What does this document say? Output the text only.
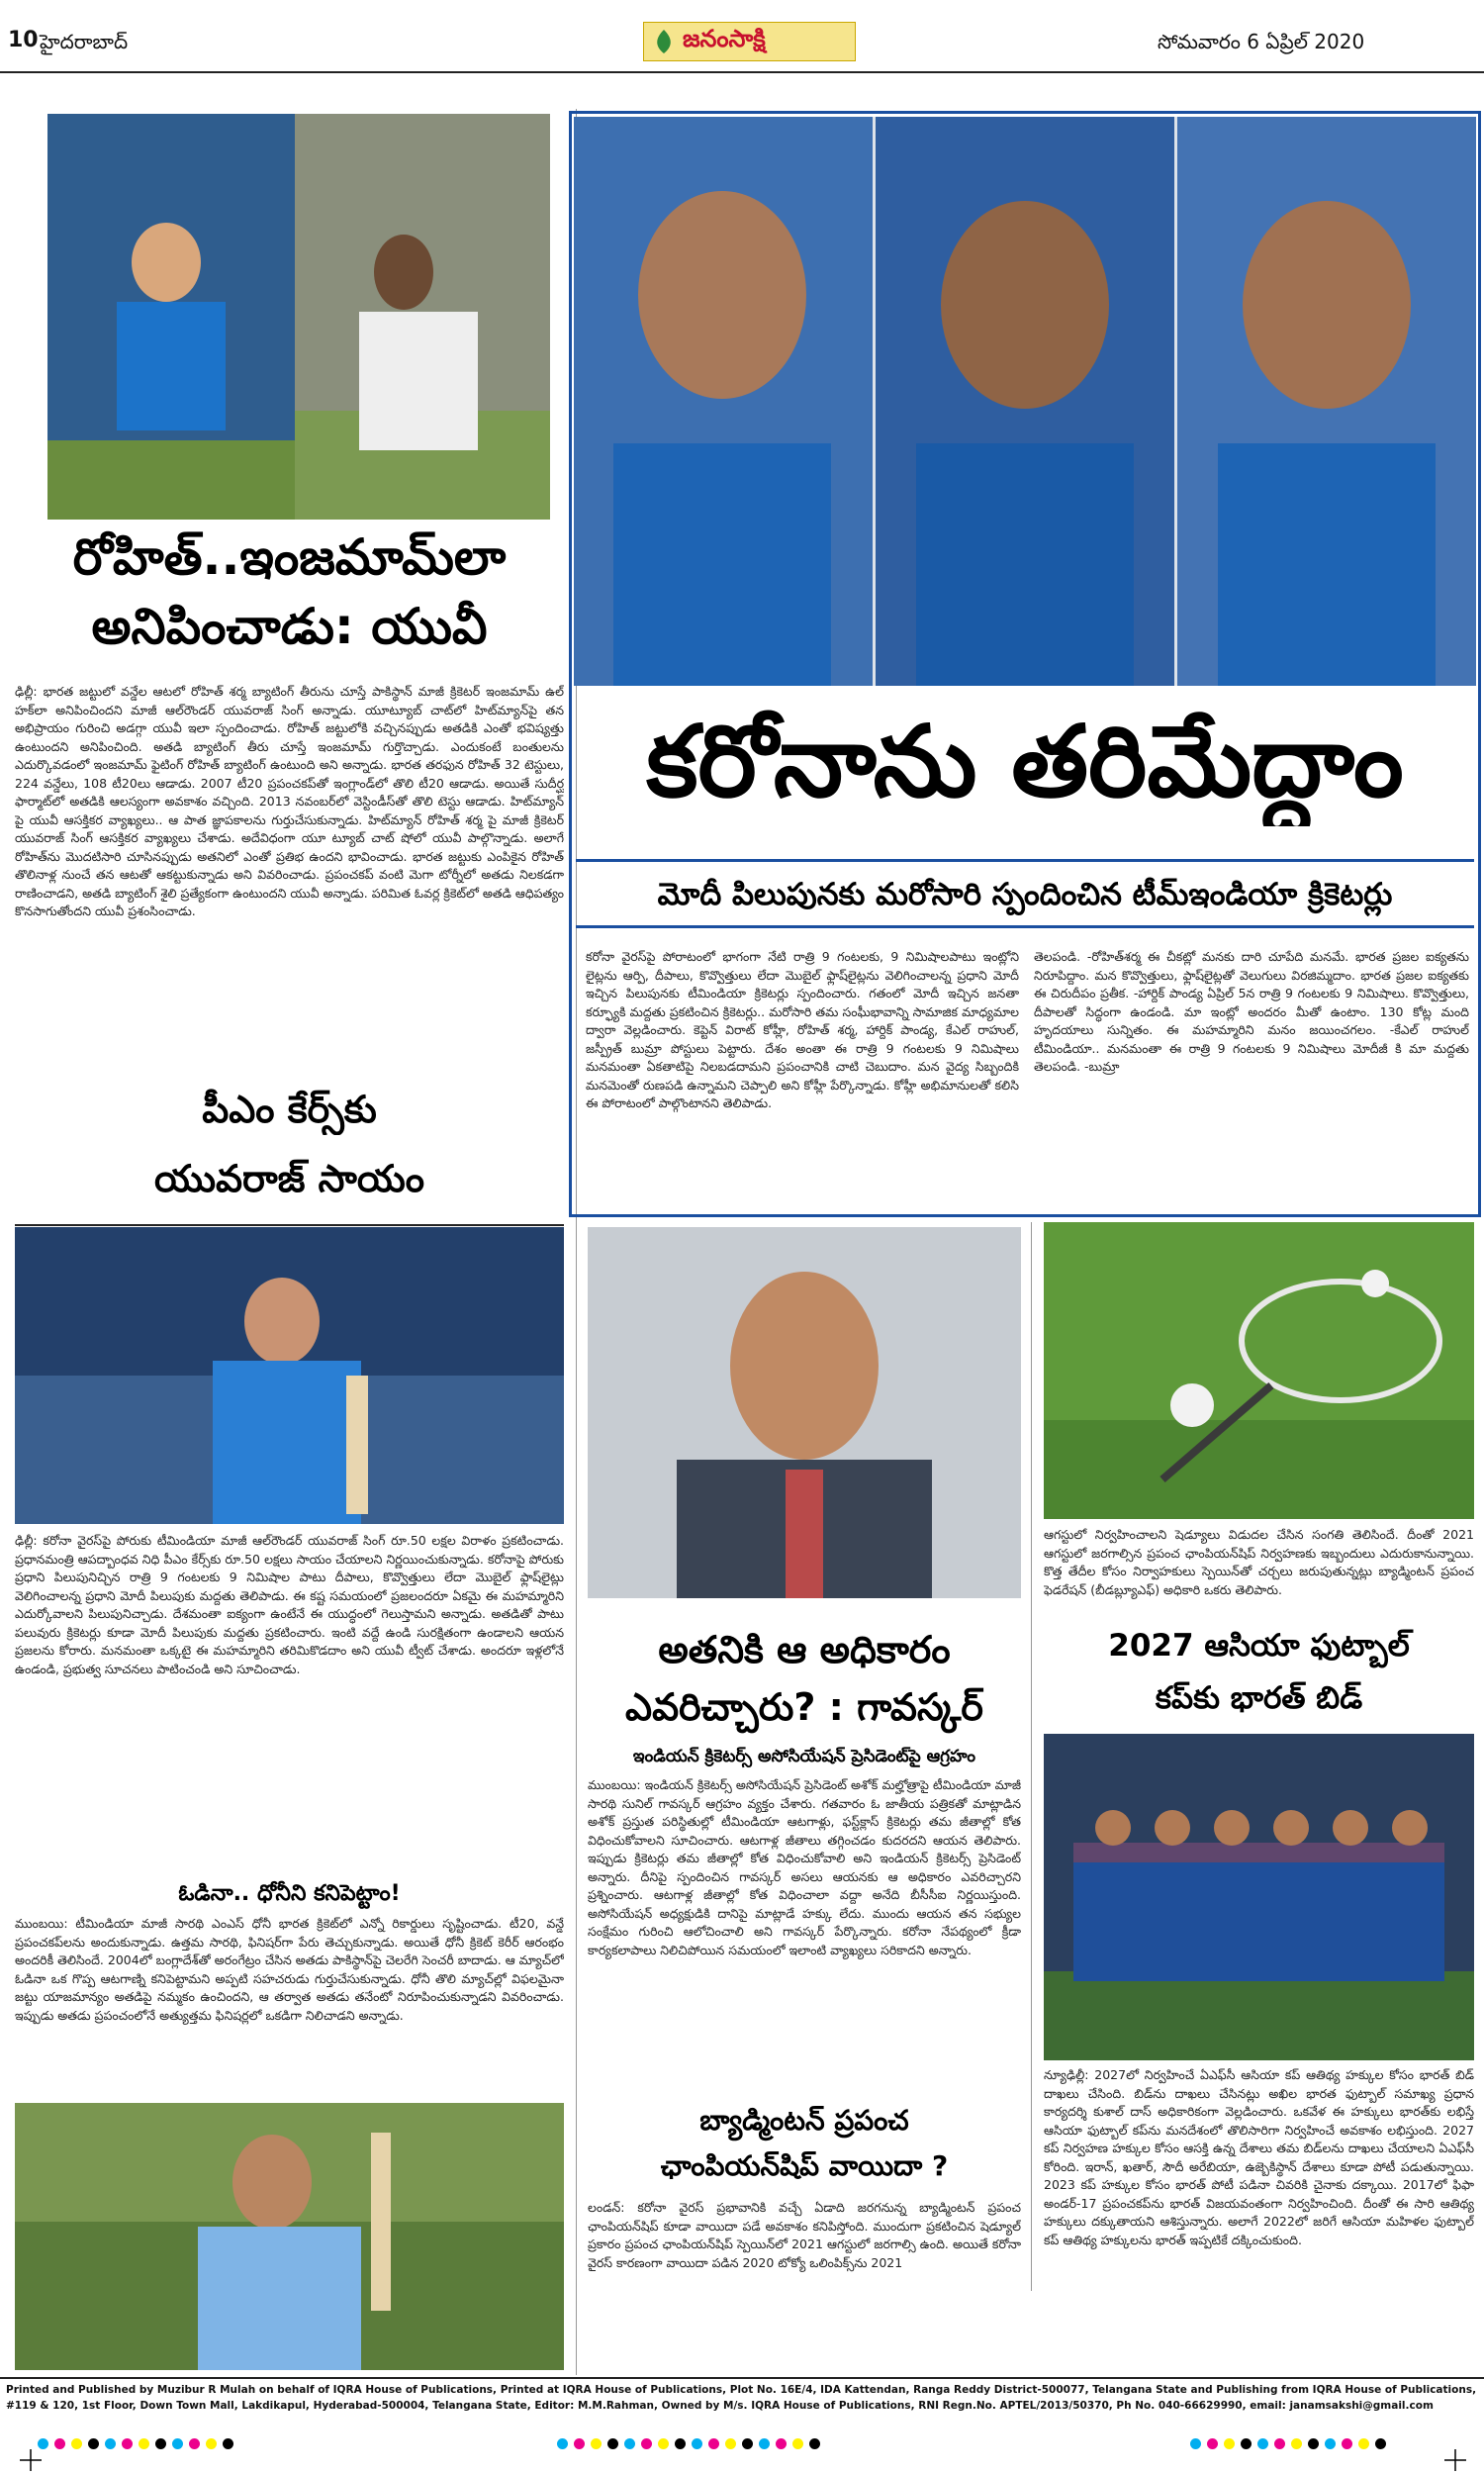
10 హైదరాబాద్	జనంసాక్షి	సోమవారం 6 ఏప్రిల్ 2020
రోహిత్..ఇంజమామ్‌లా
అనిపించాడు: యువీ
ఢిల్లీ: భారత జట్టులో వన్డేల ఆటలో రోహిత్‌ శర్మ బ్యాటింగ్‌ తీరును చూస్తే పాకిస్థాన్‌ మాజీ క్రికెటర్‌ ఇంజమామ్‌ ఉల్‌ హక్‌లా అనిపించిందని మాజీ ఆల్‌రౌండర్‌ యువరాజ్‌ సింగ్‌ అన్నాడు. యూట్యూబ్‌ చాట్‌లో హిట్‌మ్యాన్‌పై తన అభిప్రాయం గురించి అడగ్గా యువీ ఇలా స్పందించాడు. రోహిత్‌ జట్టులోకి వచ్చినప్పుడు అతడికి ఎంతో భవిష్యత్తు ఉంటుందని అనిపించింది. అతడి బ్యాటింగ్‌ తీరు చూస్తే ఇంజమామ్‌ గుర్తొచ్చాడు. ఎందుకంటే బంతులను ఎదుర్కొవడంలో ఇంజమామ్‌ ఫైటింగ్‌ రోహిత్‌ బ్యాటింగ్‌ ఉంటుంది అని అన్నాడు. భారత తరఫున రోహిత్‌ 32 టెస్టులు, 224 వన్డేలు, 108 టీ20లు ఆడాడు. 2007 టీ20 ప్రపంచకప్‌తో ఇంగ్లాండ్‌లో తొలి టీ20 ఆడాడు. అయితే సుదీర్ఘ ఫార్మాట్‌లో అతడికి ఆలస్యంగా అవకాశం వచ్చింది. 2013 నవంబర్‌లో వెస్టిండీస్‌తో తొలి టెస్టు ఆడాడు. హిట్‌మ్యాన్‌ పై యువీ ఆసక్తికర వ్యాఖ్యలు.. ఆ పాత జ్ఞాపకాలను గుర్తుచేసుకున్నాడు. హిట్‌మ్యాన్‌ రోహిత్‌ శర్మ పై మాజీ క్రికెటర్‌ యువరాజ్‌ సింగ్‌ ఆసక్తికర వ్యాఖ్యలు చేశాడు. అదేవిధంగా యూ ట్యూబ్‌ చాట్‌ షోలో యువీ పాల్గొన్నాడు. అలాగే రోహిత్‌ను మొదటిసారి చూసినప్పుడు అతనిలో ఎంతో ప్రతిభ ఉందని భావించాడు. భారత జట్టుకు ఎంపికైన రోహిత్‌ తొలినాళ్ల నుంచే తన ఆటతో ఆకట్టుకున్నాడు అని వివరించాడు. ప్రపంచకప్‌ వంటి మెగా టోర్నీలో అతడు నిలకడగా రాణించాడని, అతడి బ్యాటింగ్‌ శైలి ప్రత్యేకంగా ఉంటుందని యువీ అన్నాడు. పరిమిత ఓవర్ల క్రికెట్‌లో అతడి ఆధిపత్యం కొనసాగుతోందని యువీ ప్రశంసించాడు.
పీఎం కేర్స్‌కు
యువరాజ్‌ సాయం
ఢిల్లీ: కరోనా వైరస్‌పై పోరుకు టీమిండియా మాజీ ఆల్‌రౌండర్‌ యువరాజ్‌ సింగ్‌ రూ.50 లక్షల విరాళం ప్రకటించాడు. ప్రధానమంత్రి ఆపద్బాంధవ నిధి పీఎం కేర్స్‌కు రూ.50 లక్షలు సాయం చేయాలని నిర్ణయించుకున్నాడు. కరోనాపై పోరుకు ప్రధాని పిలుపునిచ్చిన రాత్రి 9 గంటలకు 9 నిమిషాల పాటు దీపాలు, కొవ్వొత్తులు లేదా మొబైల్‌ ఫ్లాష్‌లైట్లు వెలిగించాలన్న ప్రధాని మోదీ పిలుపుకు మద్దతు తెలిపాడు. ఈ కష్ట సమయంలో ప్రజలందరూ ఏకమై ఈ మహమ్మారిని ఎదుర్కోవాలని పిలుపునిచ్చాడు. దేశమంతా ఐక్యంగా ఉంటేనే ఈ యుద్ధంలో గెలుస్తామని అన్నాడు. అతడితో పాటు పలువురు క్రికెటర్లు కూడా మోదీ పిలుపుకు మద్దతు ప్రకటించారు. ఇంటి వద్దే ఉండి సురక్షితంగా ఉండాలని ఆయన ప్రజలను కోరారు. మనమంతా ఒక్కటై ఈ మహమ్మారిని తరిమికొడదాం అని యువీ ట్వీట్‌ చేశాడు. అందరూ ఇళ్లలోనే ఉండండి, ప్రభుత్వ సూచనలు పాటించండి అని సూచించాడు.
ఓడినా.. ధోనీని కనిపెట్టాం!
ముంబయి: టీమిండియా మాజీ సారథి ఎంఎస్‌ ధోనీ భారత క్రికెట్‌లో ఎన్నో రికార్డులు సృష్టించాడు. టీ20, వన్డే ప్రపంచకప్‌లను అందుకున్నాడు. ఉత్తమ సారథి, ఫినిషర్‌గా పేరు తెచ్చుకున్నాడు. అయితే ధోనీ క్రికెట్‌ కెరీర్‌ ఆరంభం అందరికీ తెలిసిందే. 2004లో బంగ్లాదేశ్‌తో అరంగేట్రం చేసిన అతడు పాకిస్థాన్‌పై చెలరేగి సెంచరీ బాదాడు. ఆ మ్యాచ్‌లో ఓడినా ఒక గొప్ప ఆటగాణ్ని కనిపెట్టామని అప్పటి సహచరుడు గుర్తుచేసుకున్నాడు. ధోనీ తొలి మ్యాచ్‌ల్లో విఫలమైనా జట్టు యాజమాన్యం అతడిపై నమ్మకం ఉంచిందని, ఆ తర్వాత అతడు తనేంటో నిరూపించుకున్నాడని వివరించాడు. ఇప్పుడు అతడు ప్రపంచంలోనే అత్యుత్తమ ఫినిషర్లలో ఒకడిగా నిలిచాడని అన్నాడు.
కరోనాను తరిమేద్దాం
మోదీ పిలుపునకు మరోసారి స్పందించిన టీమ్‌ఇండియా క్రికెటర్లు
కరోనా వైరస్‌పై పోరాటంలో భాగంగా నేటి రాత్రి 9 గంటలకు, 9 నిమిషాలపాటు ఇంట్లోని లైట్లను ఆర్పి, దీపాలు, కొవ్వొత్తులు లేదా మొబైల్‌ ఫ్లాష్‌లైట్లను వెలిగించాలన్న ప్రధాని మోదీ ఇచ్చిన పిలుపునకు టీమిండియా క్రికెటర్లు స్పందించారు. గతంలో మోదీ ఇచ్చిన జనతా కర్ఫ్యూకి మద్దతు ప్రకటించిన క్రికెటర్లు.. మరోసారి తమ సంఘీభావాన్ని సామాజిక మాధ్యమాల ద్వారా వెల్లడించారు. కెప్టెన్‌ విరాట్‌ కోహ్లీ, రోహిత్‌ శర్మ, హార్దిక్‌ పాండ్య, కేఎల్‌ రాహుల్‌, జస్ప్రీత్‌ బుమ్రా పోస్టులు పెట్టారు. దేశం అంతా ఈ రాత్రి 9 గంటలకు 9 నిమిషాలు మనమంతా ఏకతాటిపై నిలబడదామని ప్రపంచానికి చాటి చెబుదాం. మన వైద్య సిబ్బందికి మనమెంతో రుణపడి ఉన్నామని చెప్పాలి అని కోహ్లీ పేర్కొన్నాడు. కోహ్లీ అభిమానులతో కలిసి ఈ పోరాటంలో పాల్గొంటానని తెలిపాడు.
తెలపండి. -రోహిత్‌శర్మ ఈ చీకట్లో మనకు దారి చూపేది మనమే. భారత ప్రజల ఐక్యతను నిరూపిద్దాం. మన కొవ్వొత్తులు, ఫ్లాష్‌లైట్లతో వెలుగులు విరజిమ్మదాం. భారత ప్రజల ఐక్యతకు ఈ చిరుదీపం ప్రతీక. -హార్దిక్‌ పాండ్య ఏప్రిల్‌ 5న రాత్రి 9 గంటలకు 9 నిమిషాలు. కొవ్వొత్తులు, దీపాలతో సిద్ధంగా ఉండండి. మా ఇంట్లో అందరం మీతో ఉంటాం. 130 కోట్ల మంది హృదయాలు సున్నితం. ఈ మహమ్మారిని మనం జయించగలం. -కేఎల్‌ రాహుల్‌ టీమిండియా.. మనమంతా ఈ రాత్రి 9 గంటలకు 9 నిమిషాలు మోదీజీ కి మా మద్దతు తెలపండి. -బుమ్రా
అతనికి ఆ అధికారం
ఎవరిచ్చారు? : గావస్కర్‌
ఇండియన్‌ క్రికెటర్స్‌ అసోసియేషన్‌ ప్రెసిడెంట్‌పై ఆగ్రహం
ముంబయి: ఇండియన్‌ క్రికెటర్స్‌ అసోసియేషన్‌ ప్రెసిడెంట్‌ అశోక్‌ మల్హోత్రాపై టీమిండియా మాజీ సారథి సునిల్‌ గావస్కర్‌ ఆగ్రహం వ్యక్తం చేశారు. గతవారం ఓ జాతీయ పత్రికతో మాట్లాడిన అశోక్‌ ప్రస్తుత పరిస్థితుల్లో టీమిండియా ఆటగాళ్లు, ఫస్ట్‌క్లాస్‌ క్రికెటర్లు తమ జీతాల్లో కోత విధించుకోవాలని సూచించారు. ఆటగాళ్ల జీతాలు తగ్గించడం కుదరదని ఆయన తెలిపారు. ఇప్పుడు క్రికెటర్లు తమ జీతాల్లో కోత విధించుకోవాలి అని ఇండియన్‌ క్రికెటర్స్‌ ప్రెసిడెంట్‌ అన్నారు. దీనిపై స్పందించిన గావస్కర్‌ అసలు ఆయనకు ఆ అధికారం ఎవరిచ్చారని ప్రశ్నించారు. ఆటగాళ్ల జీతాల్లో కోత విధించాలా వద్దా అనేది బీసీసీఐ నిర్ణయిస్తుంది. అసోసియేషన్‌ అధ్యక్షుడికి దానిపై మాట్లాడే హక్కు లేదు. ముందు ఆయన తన సభ్యుల సంక్షేమం గురించి ఆలోచించాలి అని గావస్కర్‌ పేర్కొన్నారు. కరోనా నేపథ్యంలో క్రీడా కార్యకలాపాలు నిలిచిపోయిన సమయంలో ఇలాంటి వ్యాఖ్యలు సరికాదని అన్నారు.
బ్యాడ్మింటన్‌ ప్రపంచ
ఛాంపియన్‌షిప్‌ వాయిదా ?
లండన్‌: కరోనా వైరస్‌ ప్రభావానికి వచ్చే ఏడాది జరగనున్న బ్యాడ్మింటన్‌ ప్రపంచ ఛాంపియన్‌షిప్‌ కూడా వాయిదా పడే అవకాశం కనిపిస్తోంది. ముందుగా ప్రకటించిన షెడ్యూల్‌ ప్రకారం ప్రపంచ ఛాంపియన్‌షిప్‌ స్పెయిన్‌లో 2021 ఆగస్టులో జరగాల్సి ఉంది. అయితే కరోనా వైరస్‌ కారణంగా వాయిదా పడిన 2020 టోక్యో ఒలింపిక్స్‌ను 2021
ఆగస్టులో నిర్వహించాలని షెడ్యూలు విడుదల చేసిన సంగతి తెలిసిందే. దీంతో 2021 ఆగస్టులో జరగాల్సిన ప్రపంచ ఛాంపియన్‌షిప్‌ నిర్వహణకు ఇబ్బందులు ఎదురుకానున్నాయి. కొత్త తేదీల కోసం నిర్వాహకులు స్పెయిన్‌తో చర్చలు జరుపుతున్నట్లు బ్యాడ్మింటన్‌ ప్రపంచ ఫెడరేషన్‌ (బీడబ్ల్యూఎఫ్‌) అధికారి ఒకరు తెలిపారు.
2027 ఆసియా ఫుట్బాల్‌
కప్‌కు భారత్‌ బిడ్‌
న్యూఢిల్లీ: 2027లో నిర్వహించే ఏఎఫ్‌సీ ఆసియా కప్‌ ఆతిథ్య హక్కుల కోసం భారత్‌ బిడ్‌ దాఖలు చేసింది. బిడ్‌ను దాఖలు చేసినట్లు అఖిల భారత ఫుట్బాల్‌ సమాఖ్య ప్రధాన కార్యదర్శి కుశాల్‌ దాస్‌ అధికారికంగా వెల్లడించారు. ఒకవేళ ఈ హక్కులు భారత్‌కు లభిస్తే ఆసియా ఫుట్బాల్‌ కప్‌ను మనదేశంలో తొలిసారిగా నిర్వహించే అవకాశం లభిస్తుంది. 2027 కప్‌ నిర్వహణ హక్కుల కోసం ఆసక్తి ఉన్న దేశాలు తమ బిడ్‌లను దాఖలు చేయాలని ఏఎఫ్‌సీ కోరింది. ఇరాన్‌, ఖతార్‌, సౌదీ అరేబియా, ఉజ్బెకిస్థాన్‌ దేశాలు కూడా పోటీ పడుతున్నాయి. 2023 కప్‌ హక్కుల కోసం భారత్‌ పోటీ పడినా చివరికి చైనాకు దక్కాయి. 2017లో ఫిఫా అండర్‌-17 ప్రపంచకప్‌ను భారత్‌ విజయవంతంగా నిర్వహించింది. దీంతో ఈ సారి ఆతిథ్య హక్కులు దక్కుతాయని ఆశిస్తున్నారు. అలాగే 2022లో జరిగే ఆసియా మహిళల ఫుట్బాల్‌ కప్‌ ఆతిథ్య హక్కులను భారత్‌ ఇప్పటికే దక్కించుకుంది.
Printed and Published by Muzibur R Mulah on behalf of IQRA House of Publications, Printed at IQRA House of Publications, Plot No. 16E/4, IDA Kattendan, Ranga Reddy District-500077, Telangana State and Publishing from IQRA House of Publications,
#119 & 120, 1st Floor, Down Town Mall, Lakdikapul, Hyderabad-500004, Telangana State, Editor: M.M.Rahman, Owned by M/s. IQRA House of Publications, RNI Regn.No. APTEL/2013/50370, Ph No. 040-66629990, email: janamsakshi@gmail.com
